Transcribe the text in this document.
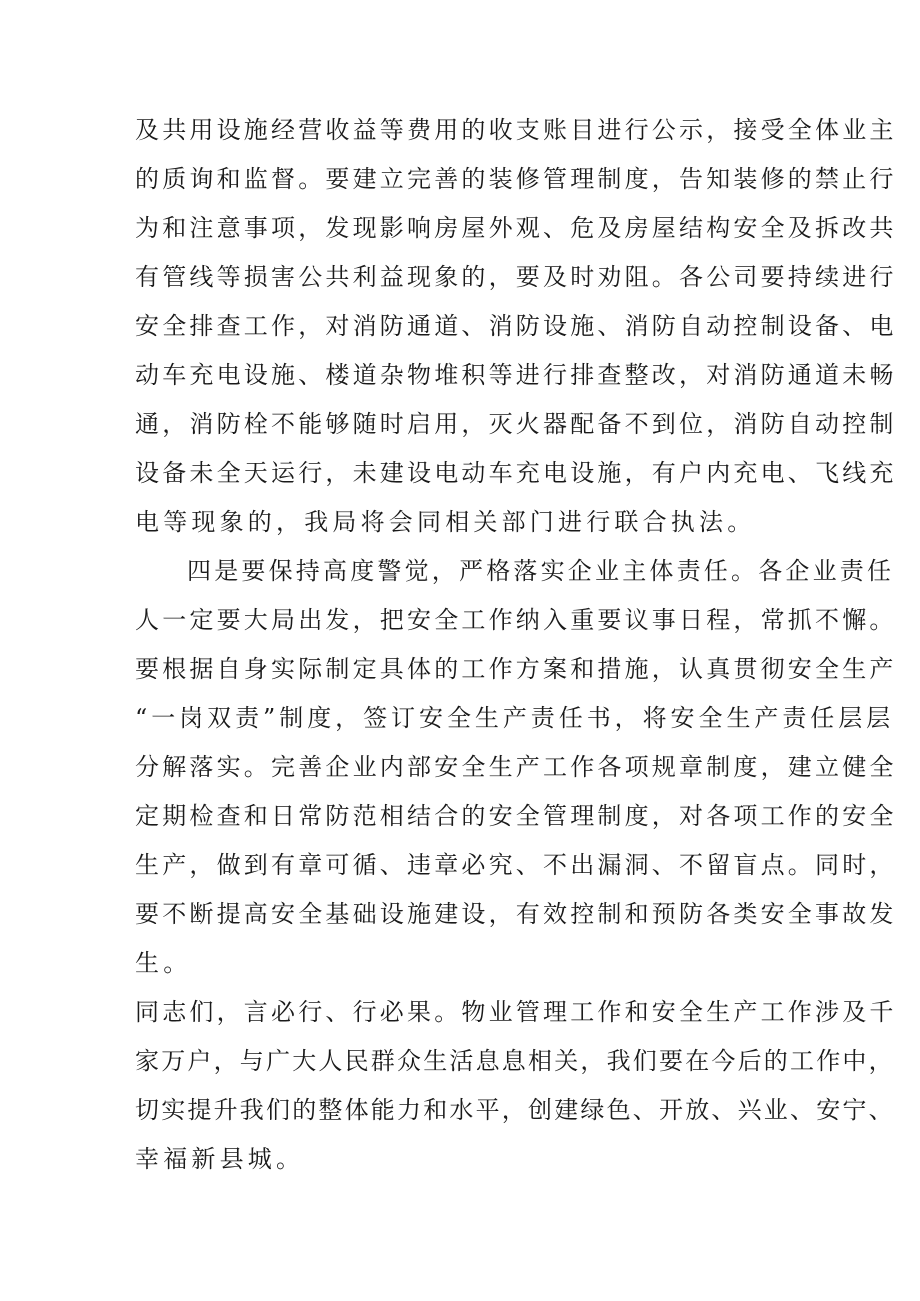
及共用设施经营收益等费用的收支账目进行公示，接受全体业主
的质询和监督。要建立完善的装修管理制度，告知装修的禁止行
为和注意事项，发现影响房屋外观、危及房屋结构安全及拆改共
有管线等损害公共利益现象的，要及时劝阻。各公司要持续进行
安全排查工作，对消防通道、消防设施、消防自动控制设备、电
动车充电设施、楼道杂物堆积等进行排查整改，对消防通道未畅
通，消防栓不能够随时启用，灭火器配备不到位，消防自动控制
设备未全天运行，未建设电动车充电设施，有户内充电、飞线充
电等现象的，我局将会同相关部门进行联合执法。
四是要保持高度警觉，严格落实企业主体责任。各企业责任
人一定要大局出发，把安全工作纳入重要议事日程，常抓不懈。
要根据自身实际制定具体的工作方案和措施，认真贯彻安全生产
“一岗双责”制度，签订安全生产责任书，将安全生产责任层层
分解落实。完善企业内部安全生产工作各项规章制度，建立健全
定期检查和日常防范相结合的安全管理制度，对各项工作的安全
生产，做到有章可循、违章必究、不出漏洞、不留盲点。同时，
要不断提高安全基础设施建设，有效控制和预防各类安全事故发
生。
同志们，言必行、行必果。物业管理工作和安全生产工作涉及千
家万户，与广大人民群众生活息息相关，我们要在今后的工作中，
切实提升我们的整体能力和水平，创建绿色、开放、兴业、安宁、
幸福新县城。
